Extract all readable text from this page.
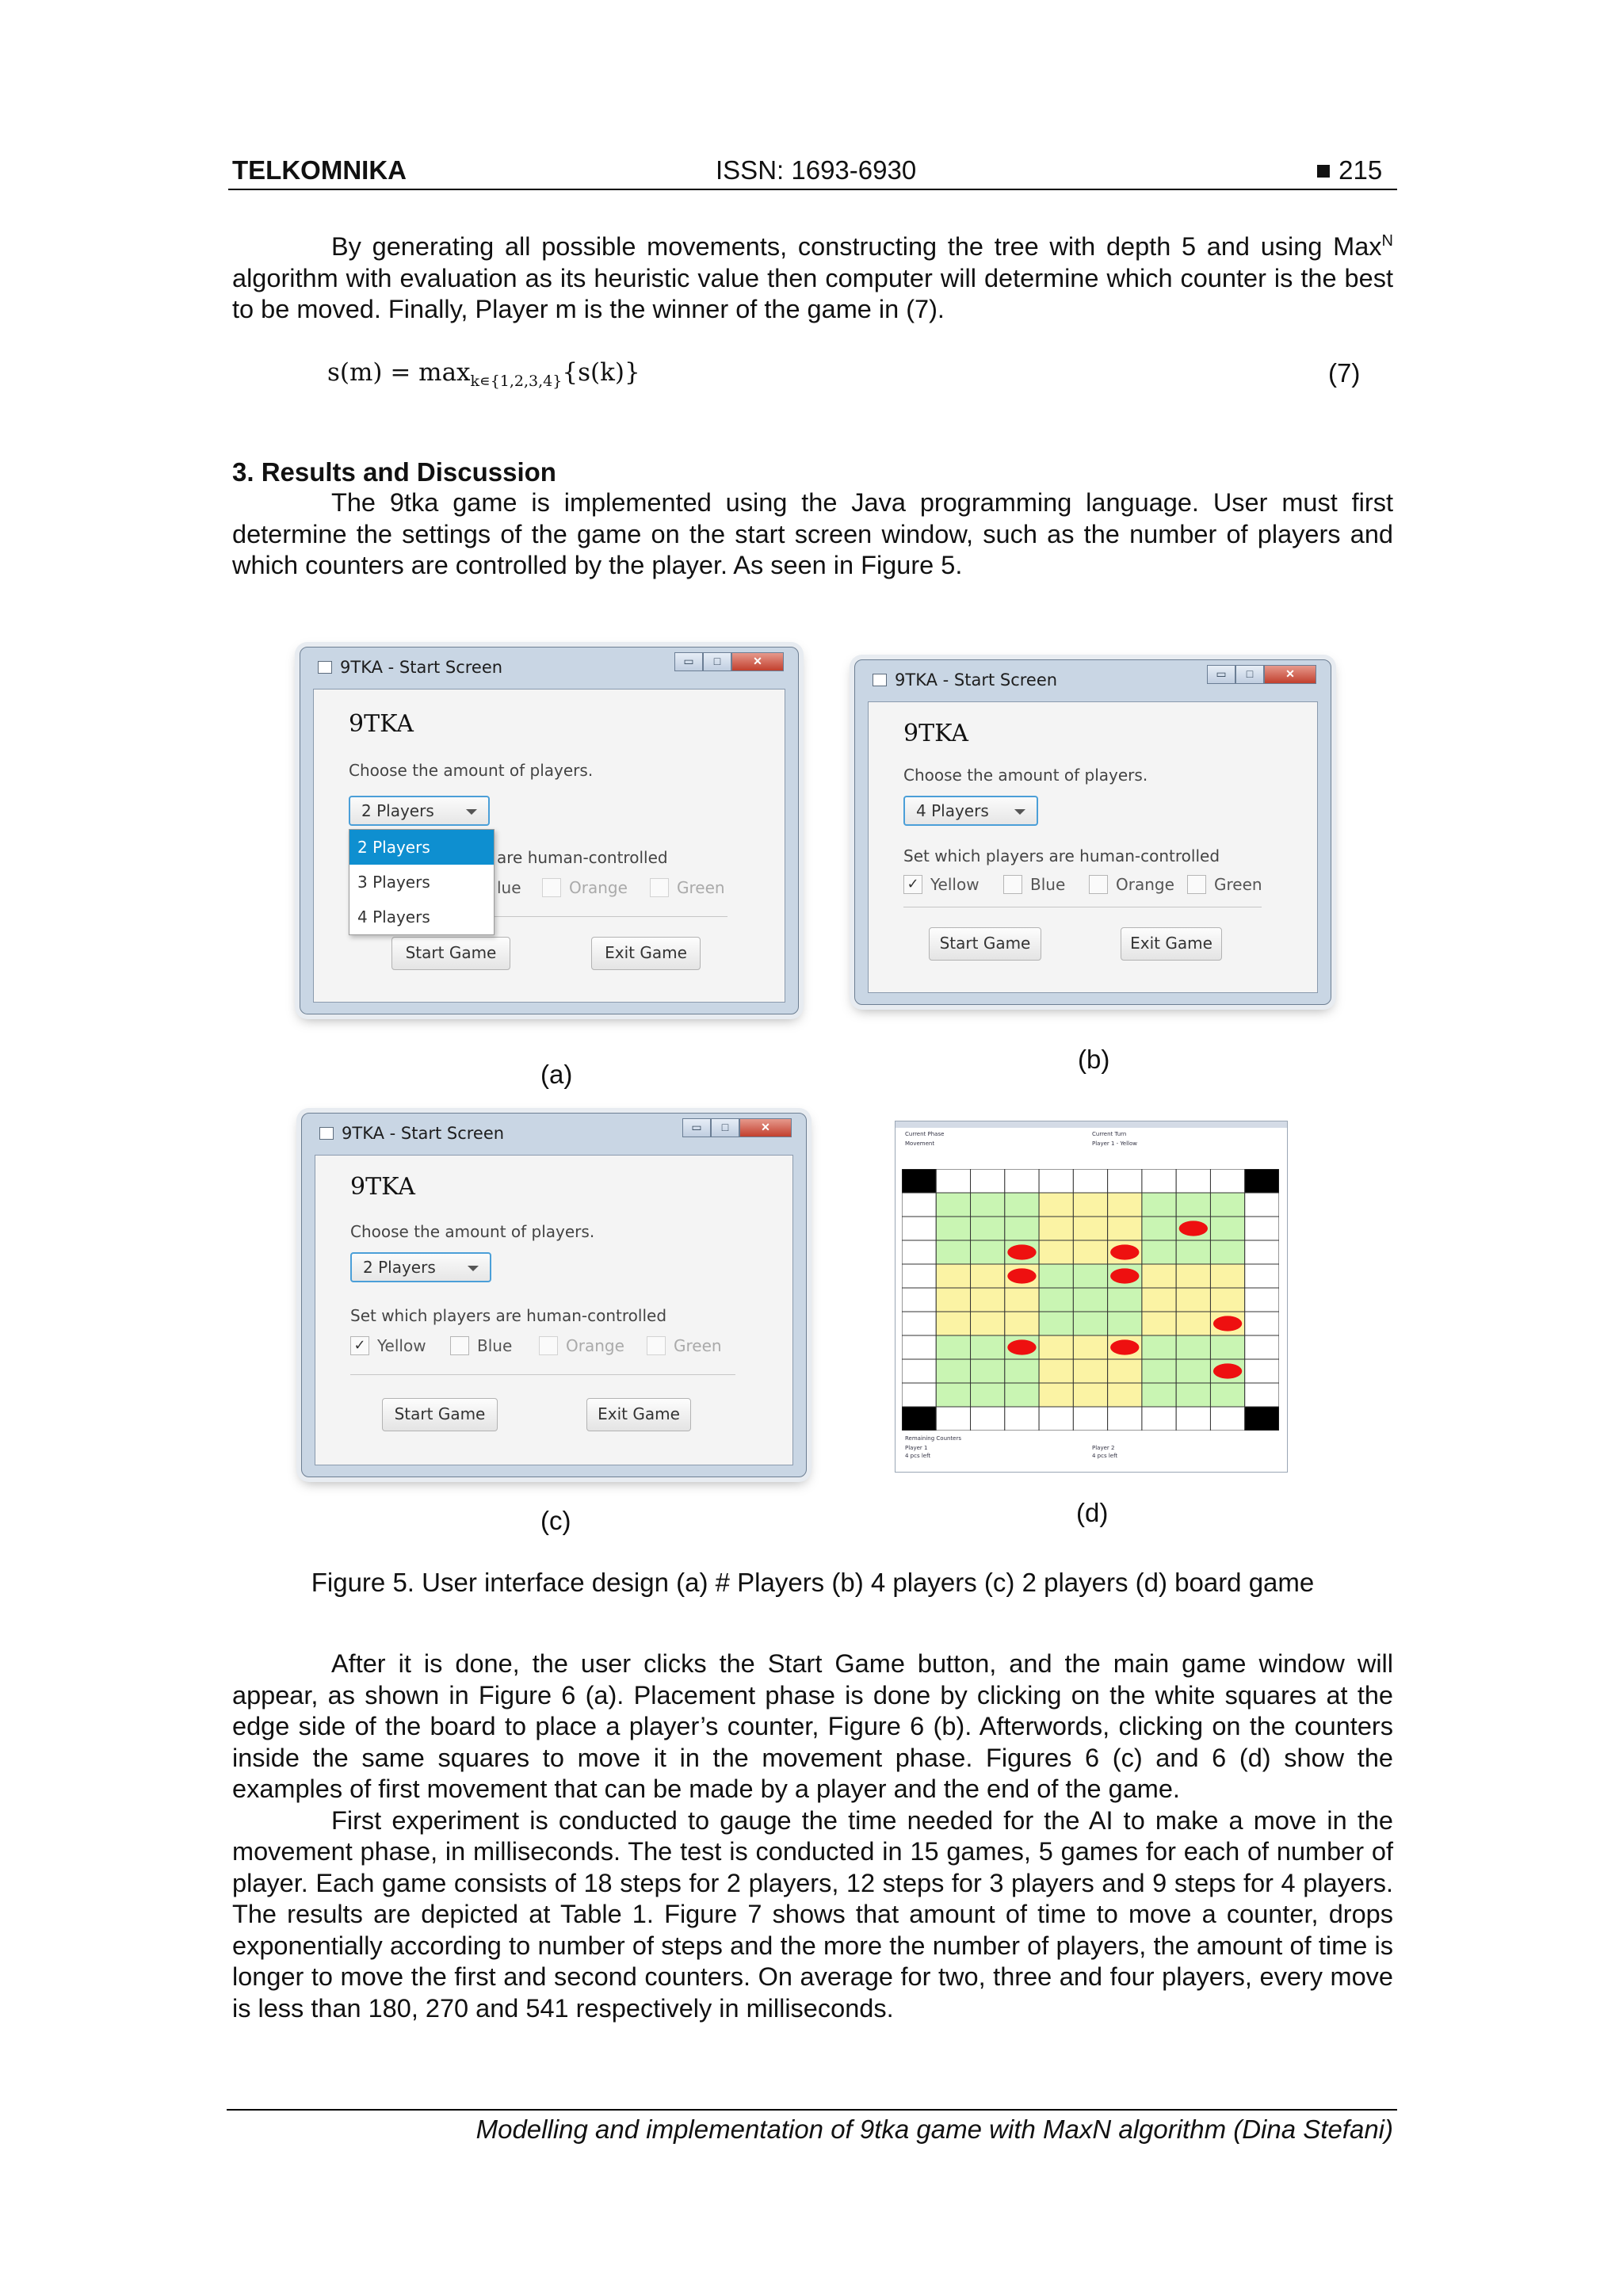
TELKOMNIKA	ISSN: 1693-6930	■ 215

By generating all possible movements, constructing the tree with depth 5 and using Max$^N$ algorithm with evaluation as its heuristic value then computer will determine which counter is the best to be moved. Finally, Player m is the winner of the game in (7).

$s(m) = \max_{k∊\{1,2,3,4\}}\{s(k)\}$	(7)
3. Results and Discussion

The 9tka game is implemented using the Java programming language. User must first determine the settings of the game on the start screen window, such as the number of players and which counters are controlled by the player. As seen in Figure 5.

9TKA - Start Screen	▭	□	✕
9TKA
Choose the amount of players.
2 Players
are human-controlled
lue	Orange	Green
Start Game	Exit Game
2 Players
3 Players
4 Players
(a)
9TKA - Start Screen	▭	□	✕
9TKA
Choose the amount of players.
4 Players
Set which players are human-controlled
✓ Yellow	Blue	Orange	Green
Start Game	Exit Game
(b)
9TKA - Start Screen	▭	□	✕
9TKA
Choose the amount of players.
2 Players
Set which players are human-controlled
✓ Yellow	Blue	Orange	Green
Start Game	Exit Game
(c)
Current Phase
Movement
Current Turn
Player 1 - Yellow
Remaining Counters
Player 1
4 pcs left
Player 2
4 pcs left
(d)
Figure 5. User interface design (a) # Players (b) 4 players (c) 2 players (d) board game

After it is done, the user clicks the Start Game button, and the main game window will appear, as shown in Figure 6 (a). Placement phase is done by clicking on the white squares at the edge side of the board to place a player’s counter, Figure 6 (b). Afterwords, clicking on the counters inside the same squares to move it in the movement phase. Figures 6 (c) and 6 (d) show the examples of first movement that can be made by a player and the end of the game.

First experiment is conducted to gauge the time needed for the AI to make a move in the movement phase, in milliseconds. The test is conducted in 15 games, 5 games for each of number of player. Each game consists of 18 steps for 2 players, 12 steps for 3 players and 9 steps for 4 players. The results are depicted at Table 1. Figure 7 shows that amount of time to move a counter, drops exponentially according to number of steps and the more the number of players, the amount of time is longer to move the first and second counters. On average for two, three and four players, every move is less than 180, 270 and 541 respectively in milliseconds.

Modelling and implementation of 9tka game with MaxN algorithm (Dina Stefani)
